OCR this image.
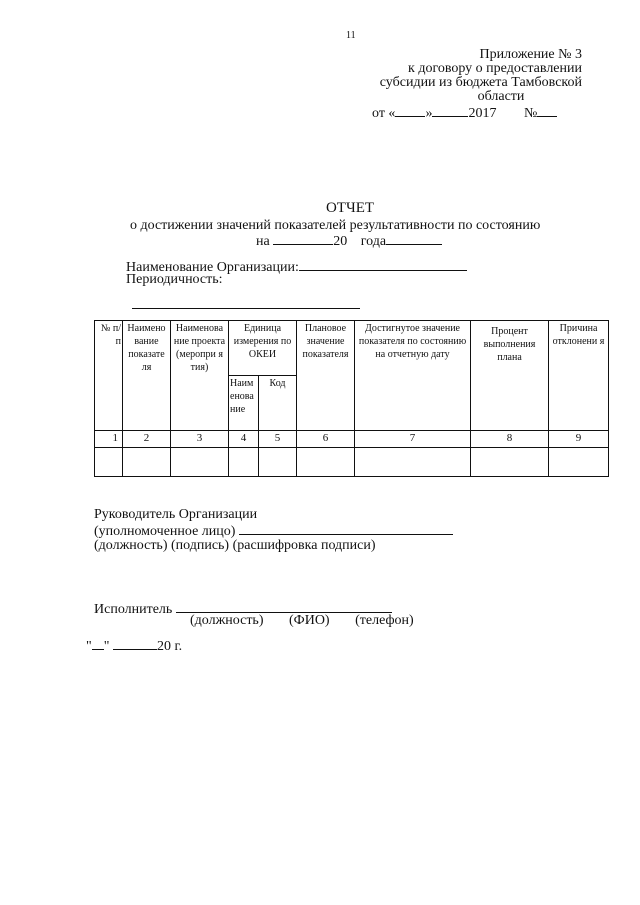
11
Приложение № 3
к договору о предоставлении
субсидии из бюджета Тамбовской
области
от « »	2017 №
ОТЧЕТ
о достижении значений показателей результативности по состоянию
на	20 года
Наименование Организации:
Периодичность:
№ п/п	Наимено вание показате ля	Наименова ние проекта (меропри я тия)	Единица измерения по ОКЕИ		Плановое значение показателя	Достигнутое значение показателя по состоянию на отчетную дату	Процент выполнения плана	Причина отклонени я
			Наим енова ние	Код				
1	2	3	4	5	6	7	8	9

Руководитель Организации
(уполномоченное лицо)
(должность) (подпись) (расшифровка подписи)
Исполнитель
(должность) (ФИО) (телефон)
" "	20 г.
